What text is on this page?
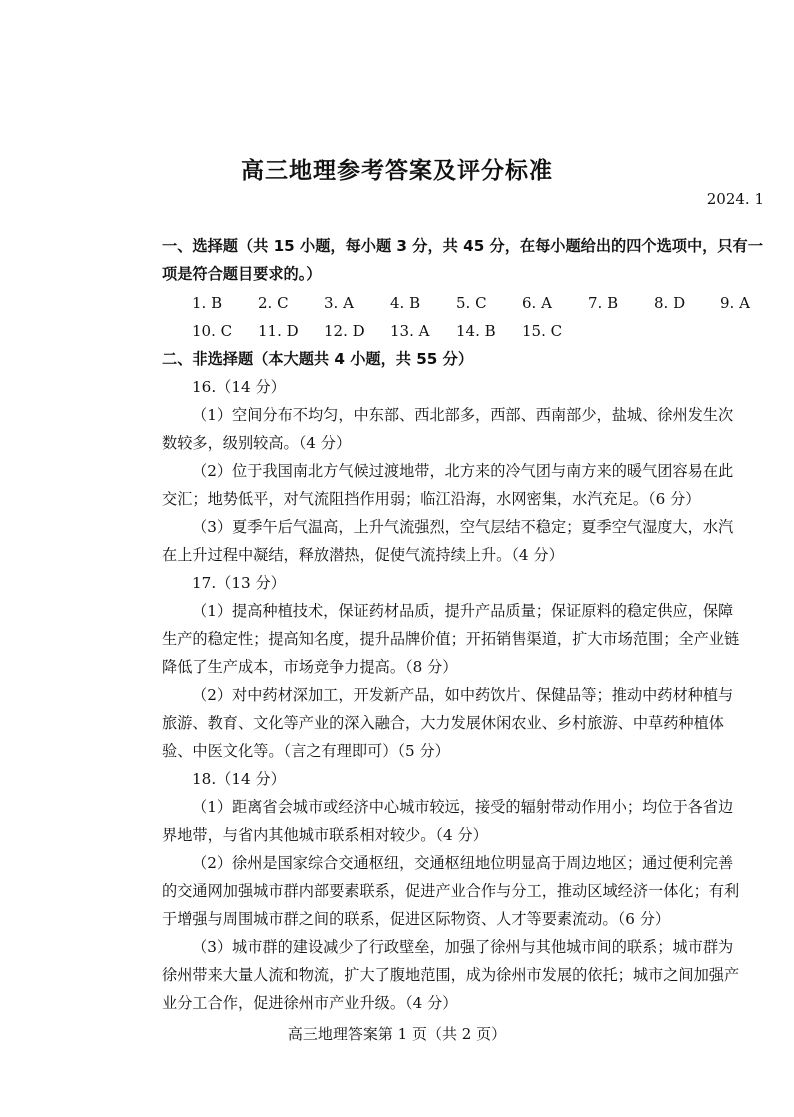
高三地理参考答案及评分标准
2024. 1
一、选择题（共 15 小题，每小题 3 分，共 45 分，在每小题给出的四个选项中，只有一
项是符合题目要求的。）
1. B 2. C 3. A 4. B 5. C 6. A 7. B 8. D 9. A
10. C 11. D 12. D 13. A 14. B 15. C
二、非选择题（本大题共 4 小题，共 55 分）
16.（14 分）
（1）空间分布不均匀，中东部、西北部多，西部、西南部少，盐城、徐州发生次
数较多，级别较高。（4 分）
（2）位于我国南北方气候过渡地带，北方来的冷气团与南方来的暖气团容易在此
交汇；地势低平，对气流阻挡作用弱；临江沿海，水网密集，水汽充足。（6 分）
（3）夏季午后气温高，上升气流强烈，空气层结不稳定；夏季空气湿度大，水汽
在上升过程中凝结，释放潜热，促使气流持续上升。（4 分）
17.（13 分）
（1）提高种植技术，保证药材品质，提升产品质量；保证原料的稳定供应，保障
生产的稳定性；提高知名度，提升品牌价值；开拓销售渠道，扩大市场范围；全产业链
降低了生产成本，市场竞争力提高。（8 分）
（2）对中药材深加工，开发新产品，如中药饮片、保健品等；推动中药材种植与
旅游、教育、文化等产业的深入融合，大力发展休闲农业、乡村旅游、中草药种植体
验、中医文化等。（言之有理即可）（5 分）
18.（14 分）
（1）距离省会城市或经济中心城市较远，接受的辐射带动作用小；均位于各省边
界地带，与省内其他城市联系相对较少。（4 分）
（2）徐州是国家综合交通枢纽，交通枢纽地位明显高于周边地区；通过便利完善
的交通网加强城市群内部要素联系，促进产业合作与分工，推动区域经济一体化；有利
于增强与周围城市群之间的联系，促进区际物资、人才等要素流动。（6 分）
（3）城市群的建设减少了行政壁垒，加强了徐州与其他城市间的联系；城市群为
徐州带来大量人流和物流，扩大了腹地范围，成为徐州市发展的依托；城市之间加强产
业分工合作，促进徐州市产业升级。（4 分）
高三地理答案第 1 页（共 2 页）
